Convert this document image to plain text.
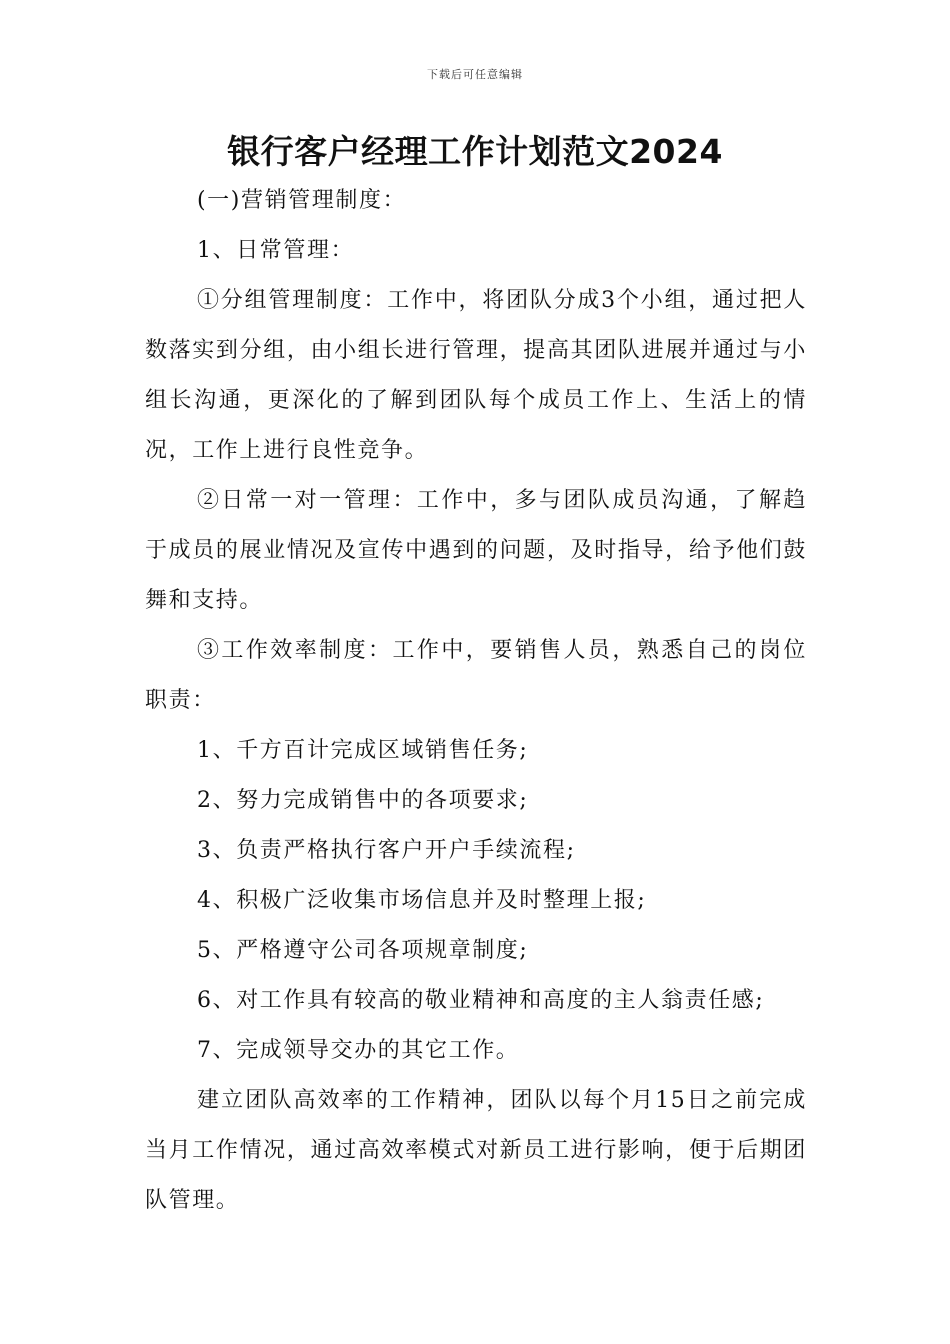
下载后可任意编辑
银行客户经理工作计划范文2024

(一)营销管理制度：

1、日常管理：

①分组管理制度：工作中，将团队分成3个小组，通过把人数落实到分组，由小组长进行管理，提高其团队进展并通过与小组长沟通，更深化的了解到团队每个成员工作上、生活上的情况，工作上进行良性竞争。

②日常一对一管理：工作中，多与团队成员沟通，了解趋于成员的展业情况及宣传中遇到的问题，及时指导，给予他们鼓舞和支持。

③工作效率制度：工作中，要销售人员，熟悉自己的岗位职责：

1、千方百计完成区域销售任务;

2、努力完成销售中的各项要求;

3、负责严格执行客户开户手续流程;

4、积极广泛收集市场信息并及时整理上报;

5、严格遵守公司各项规章制度;

6、对工作具有较高的敬业精神和高度的主人翁责任感;

7、完成领导交办的其它工作。

建立团队高效率的工作精神，团队以每个月15日之前完成当月工作情况，通过高效率模式对新员工进行影响，便于后期团队管理。
